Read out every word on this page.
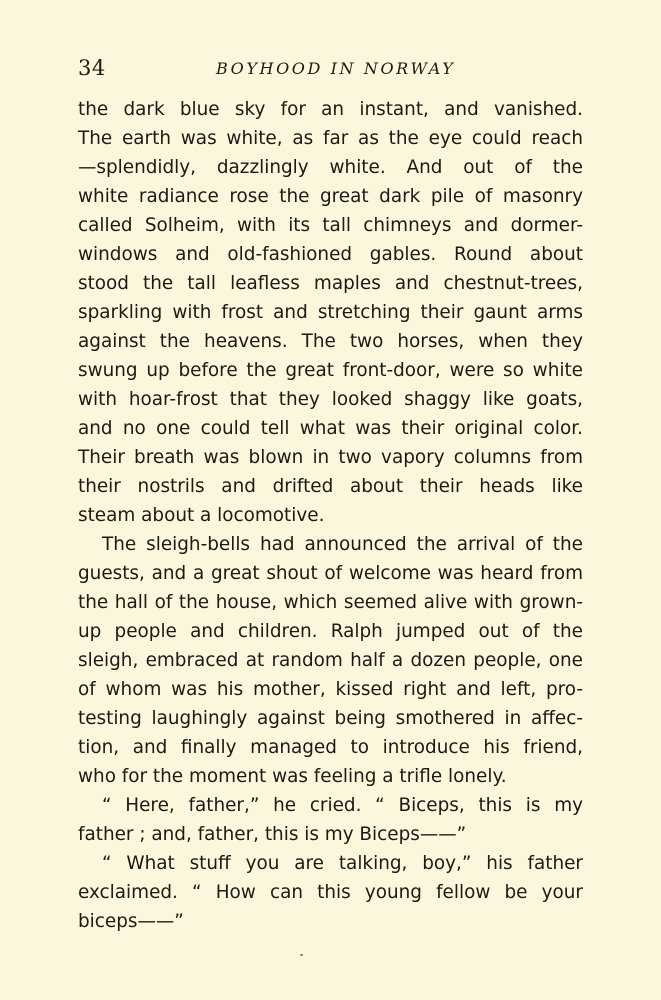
34	BOYHOOD IN NORWAY
the dark blue sky for an instant, and vanished.
The earth was white, as far as the eye could reach
—splendidly, dazzlingly white. And out of the
white radiance rose the great dark pile of masonry
called Solheim, with its tall chimneys and dormer-
windows and old-fashioned gables. Round about
stood the tall leafless maples and chestnut-trees,
sparkling with frost and stretching their gaunt arms
against the heavens. The two horses, when they
swung up before the great front-door, were so white
with hoar-frost that they looked shaggy like goats,
and no one could tell what was their original color.
Their breath was blown in two vapory columns from
their nostrils and drifted about their heads like
steam about a locomotive.
The sleigh-bells had announced the arrival of the
guests, and a great shout of welcome was heard from
the hall of the house, which seemed alive with grown-
up people and children. Ralph jumped out of the
sleigh, embraced at random half a dozen people, one
of whom was his mother, kissed right and left, pro-
testing laughingly against being smothered in affec-
tion, and finally managed to introduce his friend,
who for the moment was feeling a trifle lonely.
“ Here, father,” he cried. “ Biceps, this is my
father ; and, father, this is my Biceps——”
“ What stuff you are talking, boy,” his father
exclaimed. “ How can this young fellow be your
biceps——”
